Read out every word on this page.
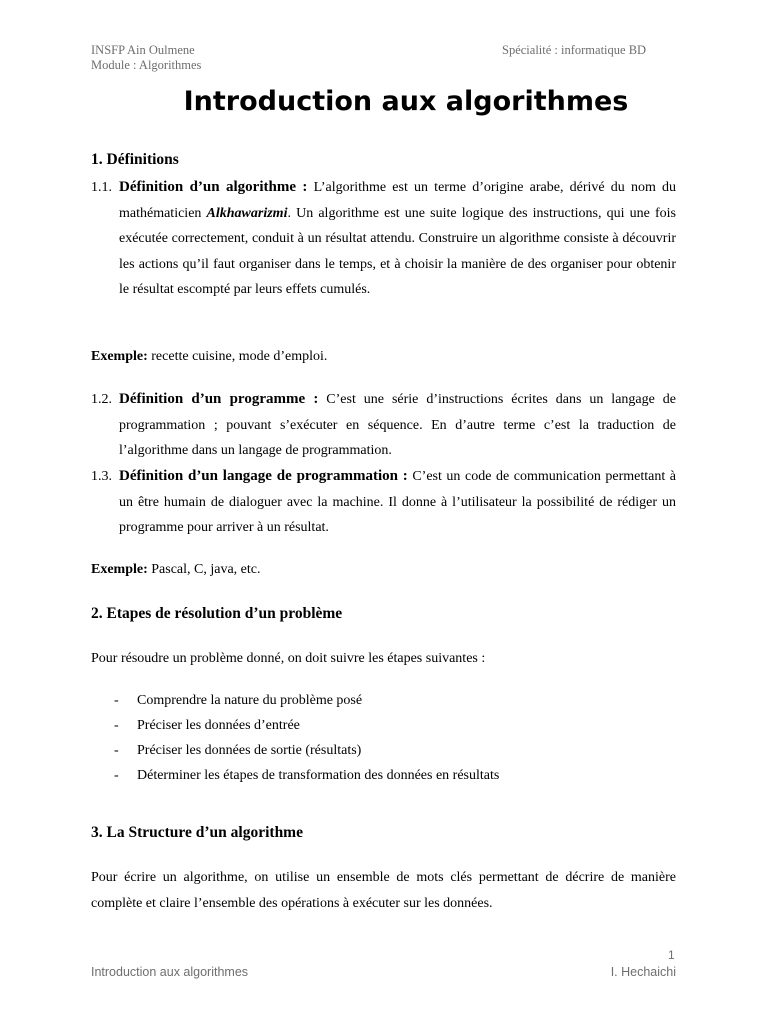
INSFP Ain Oulmene
Module : Algorithmes
Spécialité : informatique BD
Introduction aux algorithmes

1. Définitions

1.1. Définition d’un algorithme : L’algorithme est un terme d’origine arabe, dérivé du nom du mathématicien Alkhawarizmi. Un algorithme est une suite logique des instructions, qui une fois exécutée correctement, conduit à un résultat attendu. Construire un algorithme consiste à découvrir les actions qu’il faut organiser dans le temps, et à choisir la manière de des organiser pour obtenir le résultat escompté par leurs effets cumulés.
Exemple: recette cuisine, mode d’emploi.
1.2. Définition d’un programme : C’est une série d’instructions écrites dans un langage de programmation ; pouvant s’exécuter en séquence. En d’autre terme c’est la traduction de l’algorithme dans un langage de programmation.
1.3. Définition d’un langage de programmation : C’est un code de communication permettant à un être humain de dialoguer avec la machine. Il donne à l’utilisateur la possibilité de rédiger un programme pour arriver à un résultat.
Exemple: Pascal, C, java, etc.

2. Etapes de résolution d’un problème

Pour résoudre un problème donné, on doit suivre les étapes suivantes :
- Comprendre la nature du problème posé
- Préciser les données d’entrée
- Préciser les données de sortie (résultats)
- Déterminer les étapes de transformation des données en résultats

3. La Structure d’un algorithme

Pour écrire un algorithme, on utilise un ensemble de mots clés permettant de décrire de manière complète et claire l’ensemble des opérations à exécuter sur les données.
1
Introduction aux algorithmes	I. Hechaichi
